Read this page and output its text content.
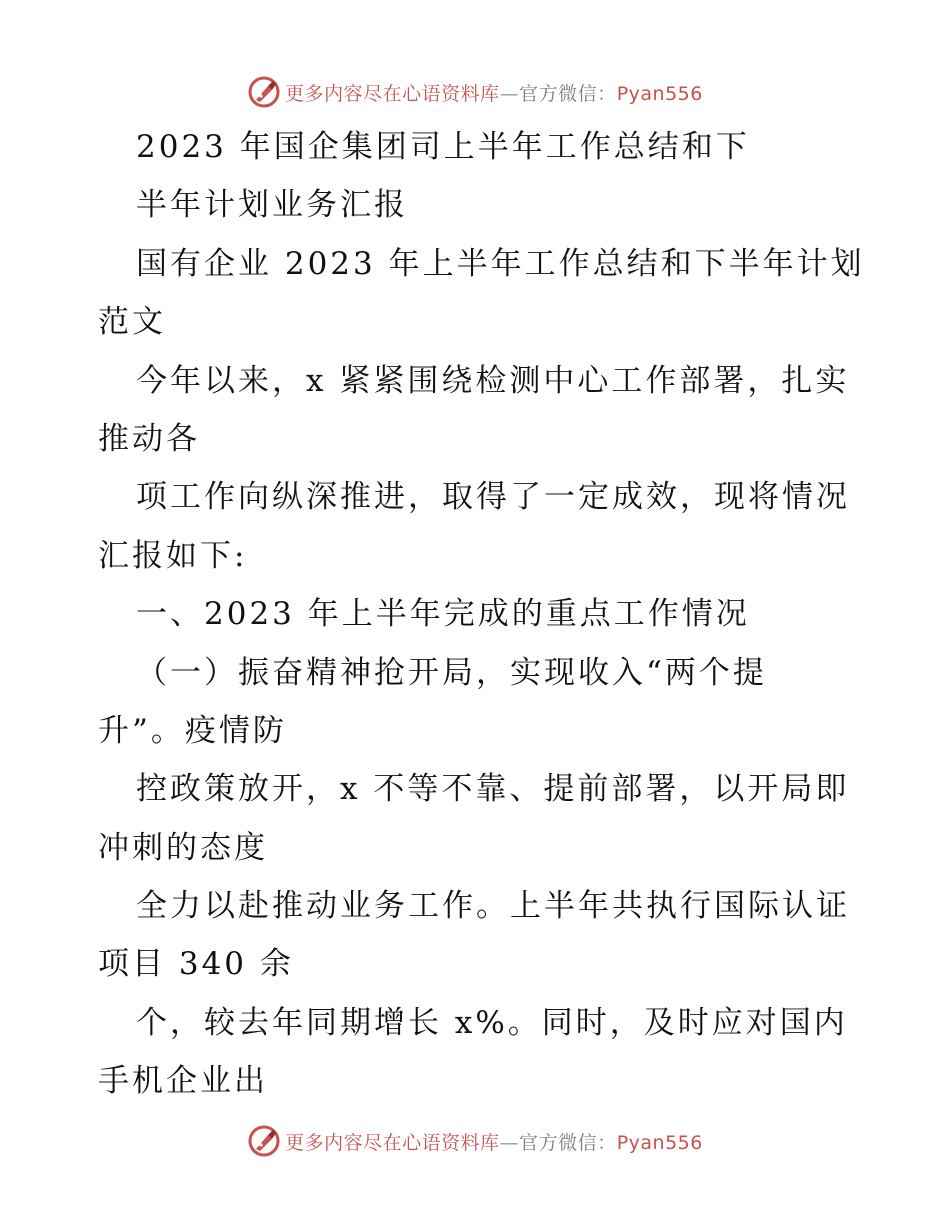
更多内容尽在心语资料库—官方微信：Pyan556
2023 年国企集团司上半年工作总结和下
半年计划业务汇报
国有企业 2023 年上半年工作总结和下半年计划
范文
今年以来，x 紧紧围绕检测中心工作部署，扎实
推动各
项工作向纵深推进，取得了一定成效，现将情况
汇报如下:
一、2023 年上半年完成的重点工作情况
（一）振奋精神抢开局，实现收入“两个提
升”。疫情防
控政策放开，x 不等不靠、提前部署，以开局即
冲刺的态度
全力以赴推动业务工作。上半年共执行国际认证
项目 340 余
个，较去年同期增长 x%。同时，及时应对国内
手机企业出
更多内容尽在心语资料库—官方微信：Pyan556
